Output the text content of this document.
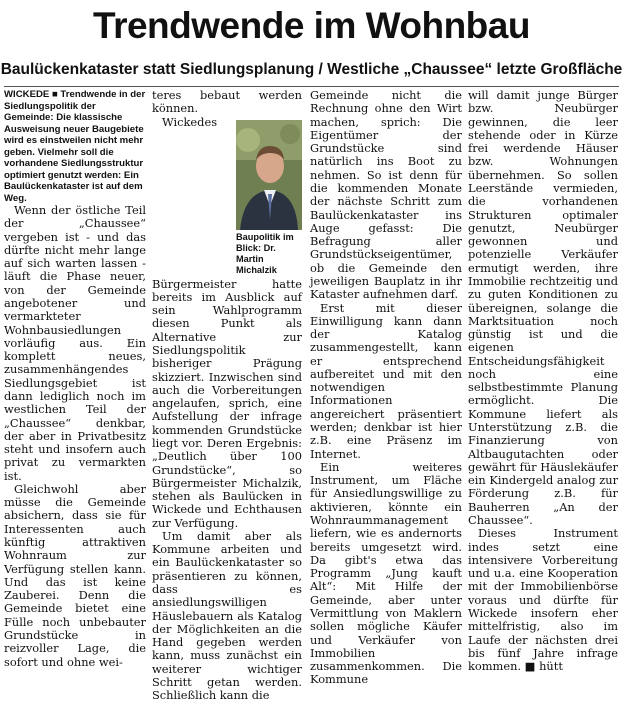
Trendwende im Wohnbau
Baulückenkataster statt Siedlungsplanung / Westliche „Chaussee“ letzte Großfläche

WICKEDE ■ Trendwende in der Siedlungspolitik der Gemeinde: Die klassische Ausweisung neuer Baugebiete wird es einstweilen nicht mehr geben. Vielmehr soll die vorhandene Siedlungsstruktur optimiert genutzt werden: Ein Baulückenkataster ist auf dem Weg.

Wenn der östliche Teil der „Chaussee“ vergeben ist - und das dürfte nicht mehr lange auf sich warten lassen - läuft die Phase neuer, von der Gemeinde angebotener und vermarkteter Wohnbausiedlungen vorläufig aus. Ein komplett neues, zusammenhängendes Siedlungsgebiet ist dann lediglich noch im westlichen Teil der „Chaussee“ denkbar, der aber in Privatbesitz steht und insofern auch privat zu vermarkten ist.

Gleichwohl aber müsse die Gemeinde absichern, dass sie für Interessenten auch künftig attraktiven Wohnraum zur Verfügung stellen kann. Und das ist keine Zauberei. Denn die Gemeinde bietet eine Fülle noch unbebauter Grundstücke in reizvoller Lage, die sofort und ohne wei-

teres bebaut werden können.

Baupolitik im Blick: Dr. Martin Michalzik

Wickedes Bürgermeister hatte bereits im Ausblick auf sein Wahlprogramm diesen Punkt als Alternative zur Siedlungspolitik bisheriger Prägung skizziert. Inzwischen sind auch die Vorbereitungen angelaufen, sprich, eine Aufstellung der infrage kommenden Grundstücke liegt vor. Deren Ergebnis: „Deutlich über 100 Grundstücke“, so Bürgermeister Michalzik, stehen als Baulücken in Wickede und Echthausen zur Verfügung.

Um damit aber als Kommune arbeiten und ein Baulückenkataster so präsentieren zu können, dass es ansiedlungswilligen Häuslebauern als Katalog der Möglichkeiten an die Hand gegeben werden kann, muss zunächst ein weiterer wichtiger Schritt getan werden. Schließlich kann die

Gemeinde nicht die Rechnung ohne den Wirt machen, sprich: Die Eigentümer der Grundstücke sind natürlich ins Boot zu nehmen. So ist denn für die kommenden Monate der nächste Schritt zum Baulückenkataster ins Auge gefasst: Die Befragung aller Grundstückseigentümer, ob die Gemeinde den jeweiligen Bauplatz in ihr Kataster aufnehmen darf.

Erst mit dieser Einwilligung kann dann der Katalog zusammengestellt, kann er entsprechend aufbereitet und mit den notwendigen Informationen angereichert präsentiert werden; denkbar ist hier z.B. eine Präsenz im Internet.

Ein weiteres Instrument, um Fläche für Ansiedlungswillige zu aktivieren, könnte ein Wohnraummanagement liefern, wie es andernorts bereits umgesetzt wird. Da gibt's etwa das Programm „Jung kauft Alt“: Mit Hilfe der Gemeinde, aber unter Vermittlung von Maklern sollen mögliche Käufer und Verkäufer von Immobilien zusammenkommen. Die Kommune

will damit junge Bürger bzw. Neubürger gewinnen, die leer stehende oder in Kürze frei werdende Häuser bzw. Wohnungen übernehmen. So sollen Leerstände vermieden, die vorhandenen Strukturen optimaler genutzt, Neubürger gewonnen und potenzielle Verkäufer ermutigt werden, ihre Immobilie rechtzeitig und zu guten Konditionen zu übereignen, solange die Marktsituation noch günstig ist und die eigenen Entscheidungsfähigkeit noch eine selbstbestimmte Planung ermöglicht. Die Kommune liefert als Unterstützung z.B. die Finanzierung von Altbaugutachten oder gewährt für Häuslekäufer ein Kindergeld analog zur Förderung z.B. für Bauherren „An der Chaussee“.

Dieses Instrument indes setzt eine intensivere Vorbereitung und u.a. eine Kooperation mit der Immobilienbörse voraus und dürfte für Wickede insofern eher mittelfristig, also im Laufe der nächsten drei bis fünf Jahre infrage kommen. ■ hütt
